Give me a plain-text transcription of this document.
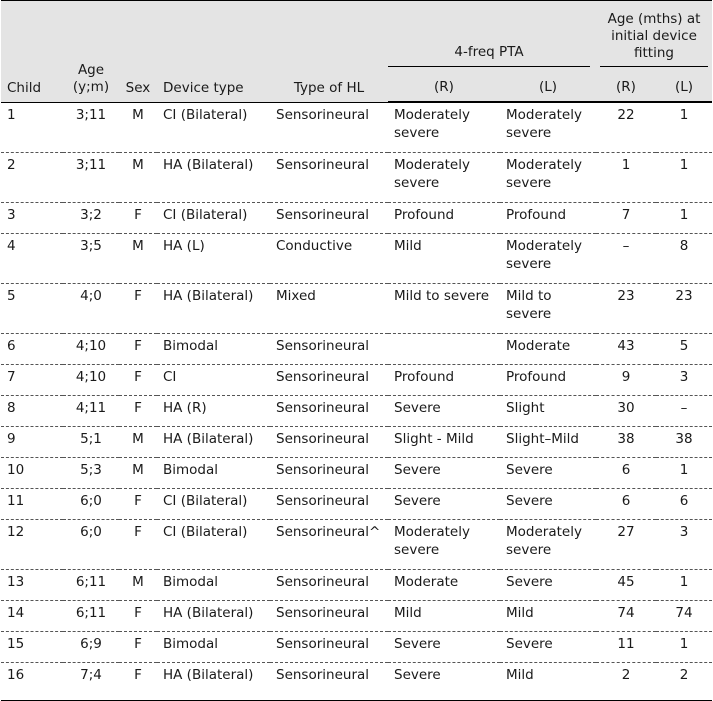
Child	Age (y;m)	Sex	Device type	Type of HL	4-freq PTA		Age (mths) at initial device fitting	

					(R)	(L)	(R)	(L)

1	3;11	M	CI (Bilateral)	Sensorineural	Moderately severe	Moderately severe	22	1

2	3;11	M	HA (Bilateral)	Sensorineural	Moderately severe	Moderately severe	1	1

3	3;2	F	CI (Bilateral)	Sensorineural	Profound	Profound	7	1

4	3;5	M	HA (L)	Conductive	Mild	Moderately severe	–	8

5	4;0	F	HA (Bilateral)	Mixed	Mild to severe	Mild to severe	23	23

6	4;10	F	Bimodal	Sensorineural		Moderate	43	5

7	4;10	F	CI	Sensorineural	Profound	Profound	9	3

8	4;11	F	HA (R)	Sensorineural	Severe	Slight	30	–

9	5;1	M	HA (Bilateral)	Sensorineural	Slight - Mild	Slight–Mild	38	38

10	5;3	M	Bimodal	Sensorineural	Severe	Severe	6	1

11	6;0	F	CI (Bilateral)	Sensorineural	Severe	Severe	6	6

12	6;0	F	CI (Bilateral)	Sensorineural^	Moderately severe	Moderately severe	27	3

13	6;11	M	Bimodal	Sensorineural	Moderate	Severe	45	1

14	6;11	F	HA (Bilateral)	Sensorineural	Mild	Mild	74	74

15	6;9	F	Bimodal	Sensorineural	Severe	Severe	11	1

16	7;4	F	HA (Bilateral)	Sensorineural	Severe	Mild	2	2
